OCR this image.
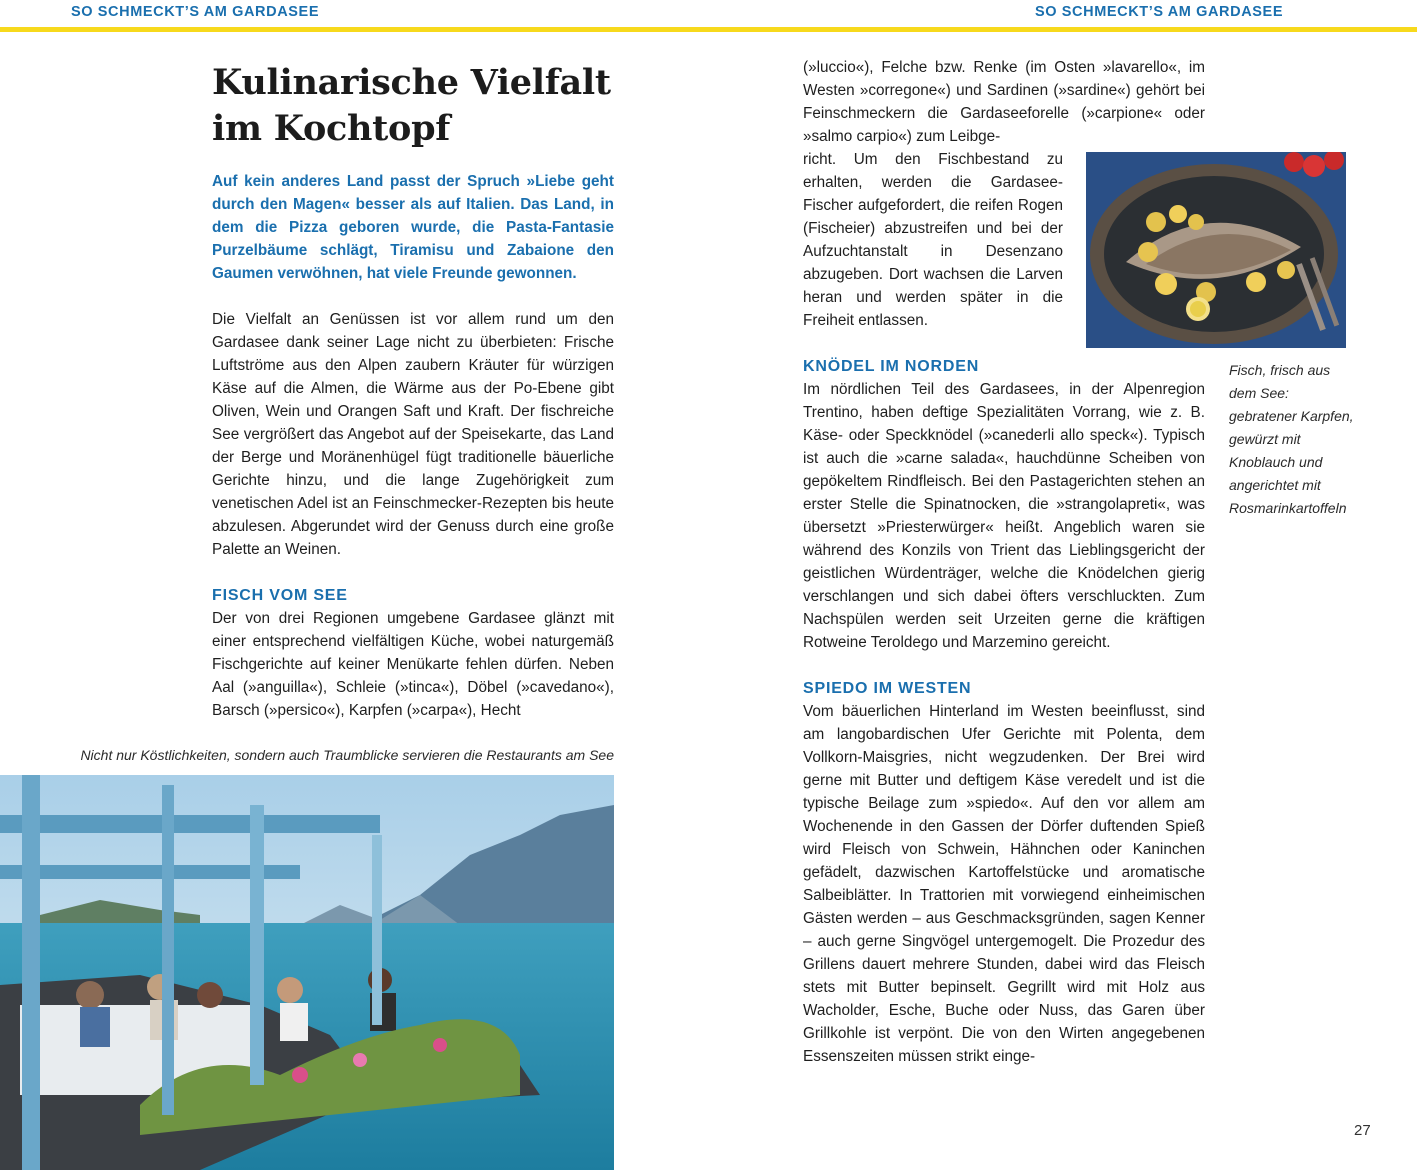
SO SCHMECKT’S AM GARDASEE	SO SCHMECKT’S AM GARDASEE
Kulinarische Vielfalt
im Kochtopf

Auf kein anderes Land passt der Spruch »Liebe geht durch den Magen« besser als auf Italien. Das Land, in dem die Pizza geboren wurde, die Pasta-Fantasie Purzelbäume schlägt, Tiramisu und Zabaione den Gaumen verwöhnen, hat viele Freunde gewonnen.

Die Vielfalt an Genüssen ist vor allem rund um den Gardasee dank seiner Lage nicht zu überbieten: Frische Luftströme aus den Alpen zaubern Kräuter für würzigen Käse auf die Almen, die Wärme aus der Po-Ebene gibt Oliven, Wein und Orangen Saft und Kraft. Der fischreiche See vergrößert das Angebot auf der Speisekarte, das Land der Berge und Moränenhügel fügt traditionelle bäuerliche Gerichte hinzu, und die lange Zugehörigkeit zum venetischen Adel ist an Feinschmecker-Rezepten bis heute abzulesen. Abgerundet wird der Genuss durch eine große Palette an Weinen.

FISCH VOM SEE

Der von drei Regionen umgebene Gardasee glänzt mit einer entsprechend vielfältigen Küche, wobei naturgemäß Fischgerichte auf keiner Menükarte fehlen dürfen. Neben Aal (»anguilla«), Schleie (»tinca«), Döbel (»cavedano«), Barsch (»persico«), Karpfen (»carpa«), Hecht

Nicht nur Köstlichkeiten, sondern auch Traumblicke servieren die Restaurants am See

(»luccio«), Felche bzw. Renke (im Osten »lavarello«, im Westen »corregone«) und Sardinen (»sardine«) gehört bei Feinschmeckern die Gardaseeforelle (»carpione« oder »salmo carpio«) zum Leibge-

richt. Um den Fischbestand zu erhalten, werden die Gardasee-Fischer aufgefordert, die reifen Rogen (Fischeier) abzustreifen und bei der Aufzuchtanstalt in Desenzano abzugeben. Dort wachsen die Larven heran und werden später in die Freiheit entlassen.

KNÖDEL IM NORDEN

Im nördlichen Teil des Gardasees, in der Alpenregion Trentino, haben deftige Spezialitäten Vorrang, wie z. B. Käse- oder Speckknödel (»canederli allo speck«). Typisch ist auch die »carne salada«, hauchdünne Scheiben von gepökeltem Rindfleisch. Bei den Pastagerichten stehen an erster Stelle die Spinatnocken, die »strangolapreti«, was übersetzt »Priesterwürger« heißt. Angeblich waren sie während des Konzils von Trient das Lieblingsgericht der geistlichen Würdenträger, welche die Knödelchen gierig verschlangen und sich dabei öfters verschluckten. Zum Nachspülen werden seit Urzeiten gerne die kräftigen Rotweine Teroldego und Marzemino gereicht.

SPIEDO IM WESTEN

Vom bäuerlichen Hinterland im Westen beeinflusst, sind am langobardischen Ufer Gerichte mit Polenta, dem Vollkorn-Maisgries, nicht wegzudenken. Der Brei wird gerne mit Butter und deftigem Käse veredelt und ist die typische Beilage zum »spiedo«. Auf den vor allem am Wochenende in den Gassen der Dörfer duftenden Spieß wird Fleisch von Schwein, Hähnchen oder Kaninchen gefädelt, dazwischen Kartoffelstücke und aromatische Salbeiblätter. In Trattorien mit vorwiegend einheimischen Gästen werden – aus Geschmacksgründen, sagen Kenner – auch gerne Singvögel untergemogelt. Die Prozedur des Grillens dauert mehrere Stunden, dabei wird das Fleisch stets mit Butter bepinselt. Gegrillt wird mit Holz aus Wacholder, Esche, Buche oder Nuss, das Garen über Grillkohle ist verpönt. Die von den Wirten angegebenen Essenszeiten müssen strikt einge-

Fisch, frisch aus dem See: gebratener Karpfen, gewürzt mit Knoblauch und angerichtet mit Rosmarinkartoffeln
27
